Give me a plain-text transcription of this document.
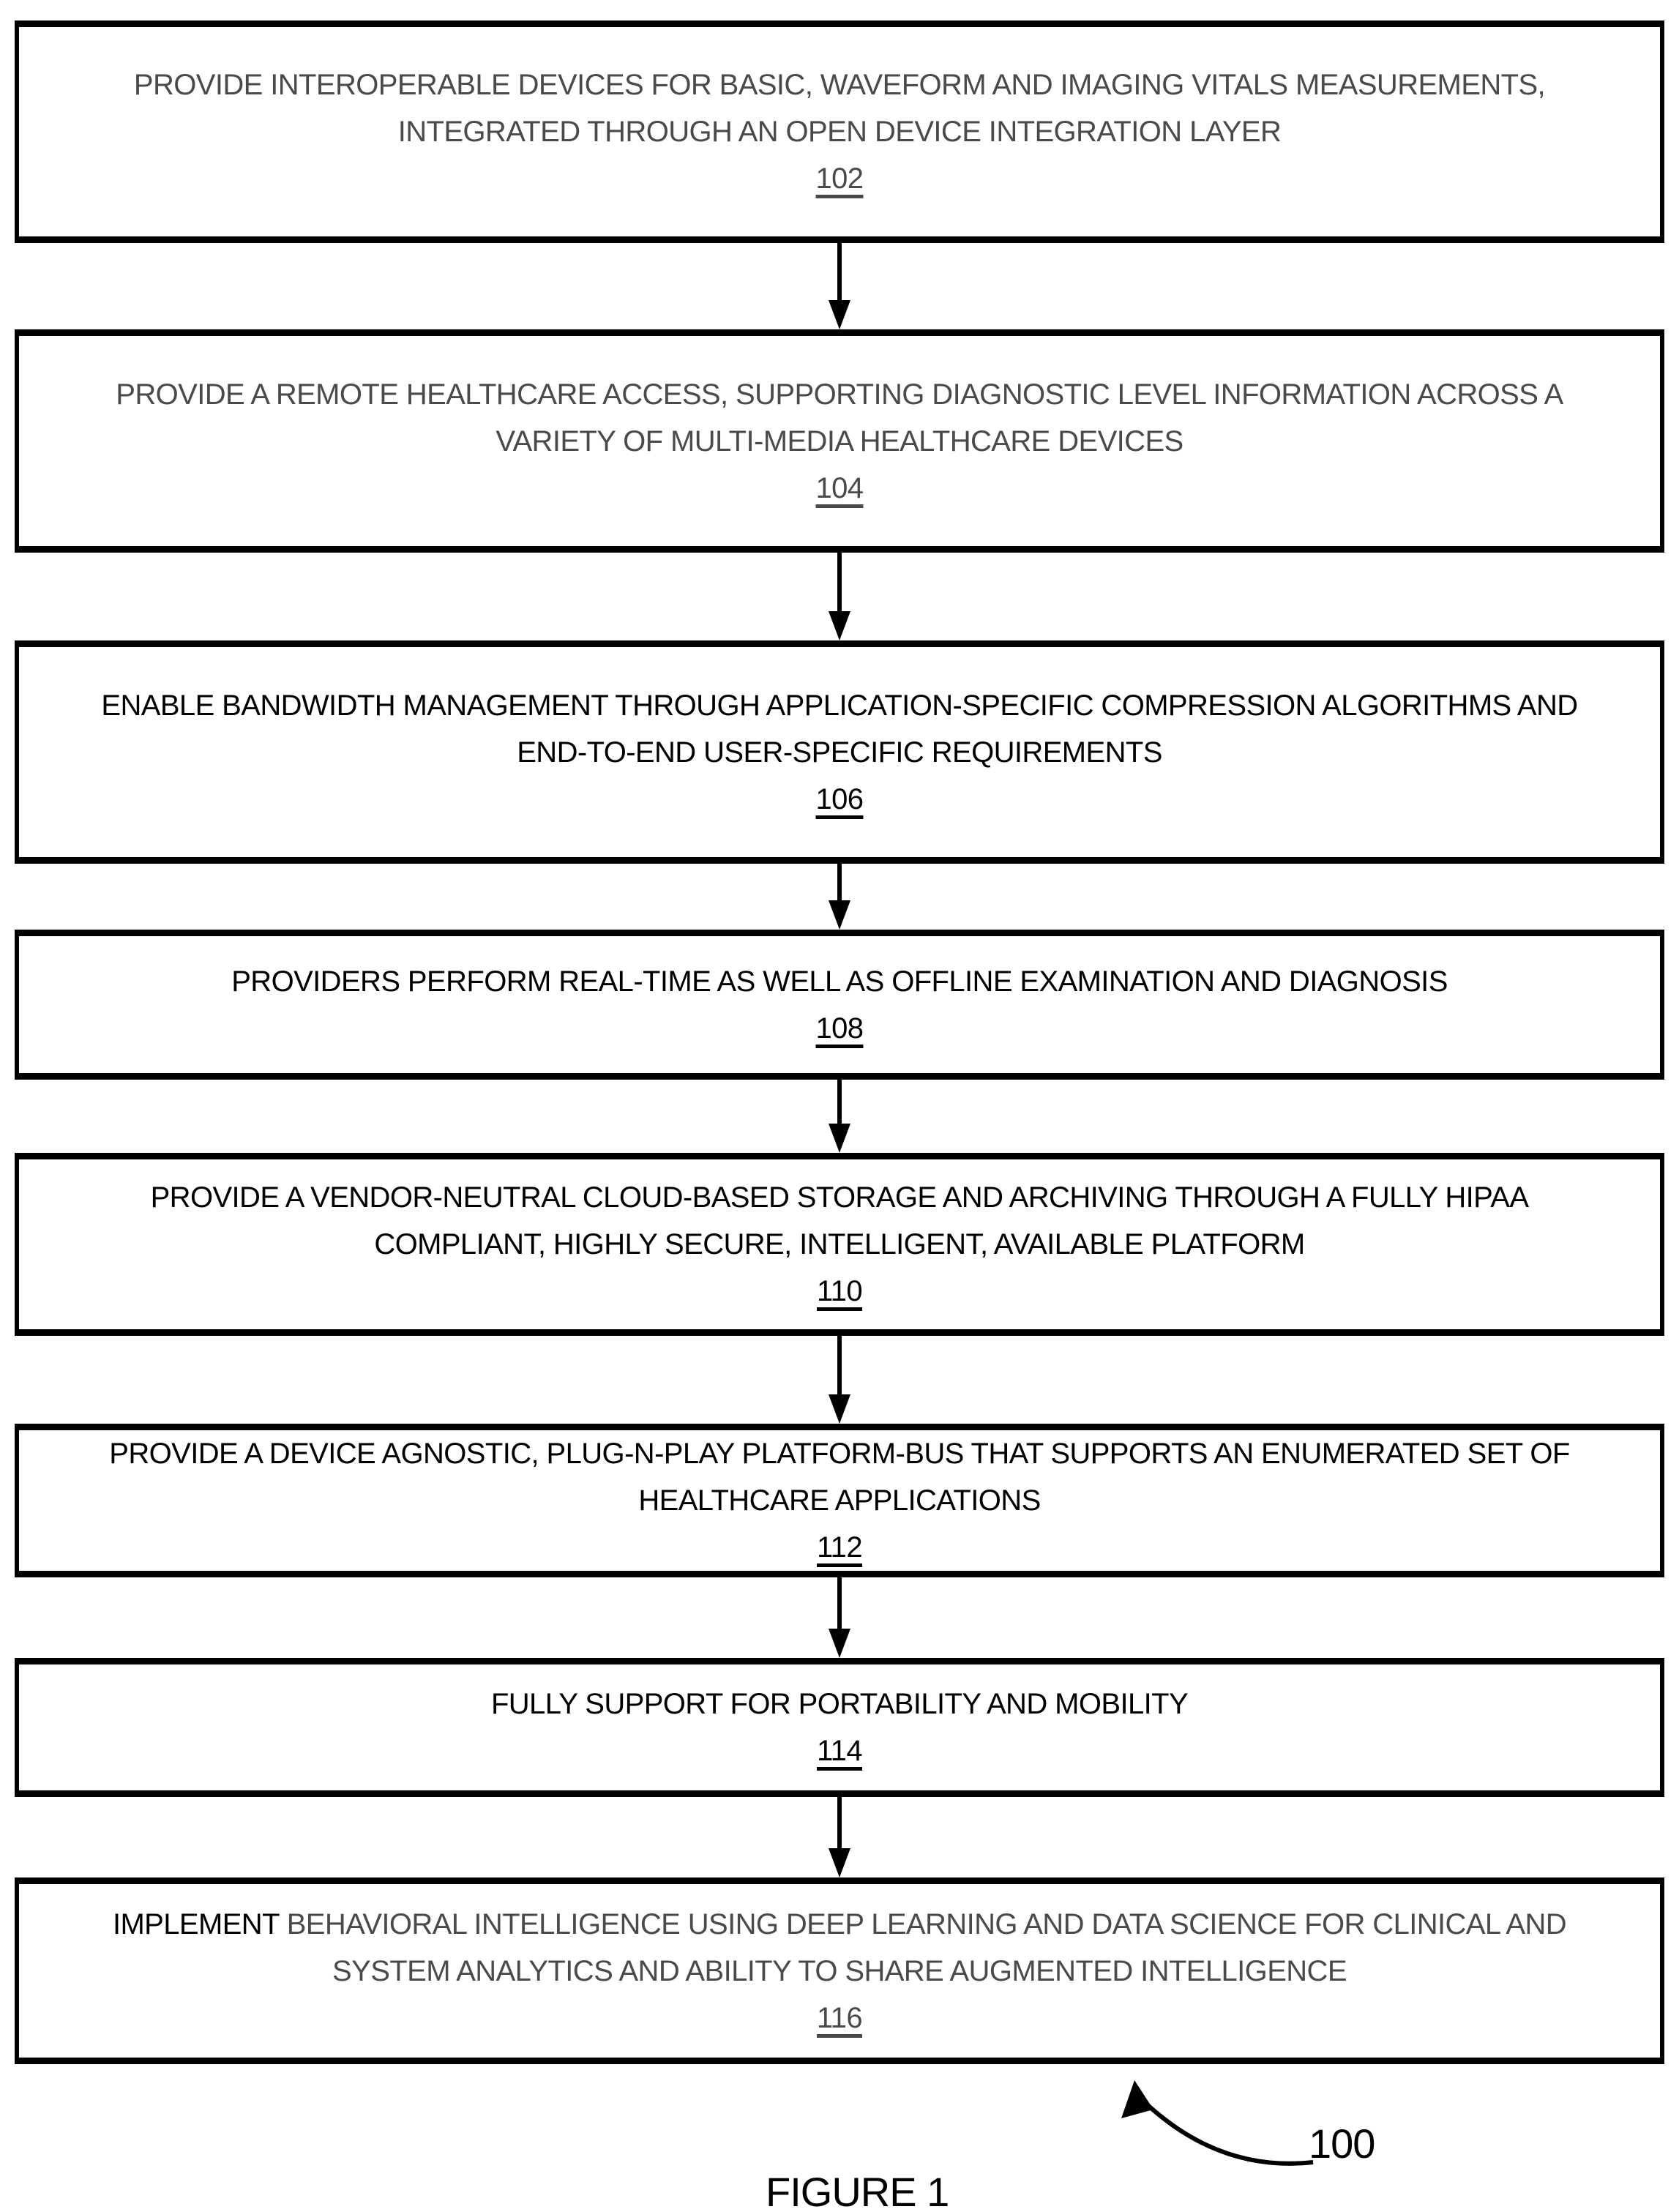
PROVIDE INTEROPERABLE DEVICES FOR BASIC, WAVEFORM AND IMAGING VITALS MEASUREMENTS,
INTEGRATED THROUGH AN OPEN DEVICE INTEGRATION LAYER
102
PROVIDE A REMOTE HEALTHCARE ACCESS, SUPPORTING DIAGNOSTIC LEVEL INFORMATION ACROSS A
VARIETY OF MULTI-MEDIA HEALTHCARE DEVICES
104
ENABLE BANDWIDTH MANAGEMENT THROUGH APPLICATION-SPECIFIC COMPRESSION ALGORITHMS AND
END-TO-END USER-SPECIFIC REQUIREMENTS
106
PROVIDERS PERFORM REAL-TIME AS WELL AS OFFLINE EXAMINATION AND DIAGNOSIS
108
PROVIDE A VENDOR-NEUTRAL CLOUD-BASED STORAGE AND ARCHIVING THROUGH A FULLY HIPAA
COMPLIANT, HIGHLY SECURE, INTELLIGENT, AVAILABLE PLATFORM
110
PROVIDE A DEVICE AGNOSTIC, PLUG-N-PLAY PLATFORM-BUS THAT SUPPORTS AN ENUMERATED SET OF
HEALTHCARE APPLICATIONS
112
FULLY SUPPORT FOR PORTABILITY AND MOBILITY
114
IMPLEMENT BEHAVIORAL INTELLIGENCE USING DEEP LEARNING AND DATA SCIENCE FOR CLINICAL AND
SYSTEM ANALYTICS AND ABILITY TO SHARE AUGMENTED INTELLIGENCE
116
100
FIGURE 1
